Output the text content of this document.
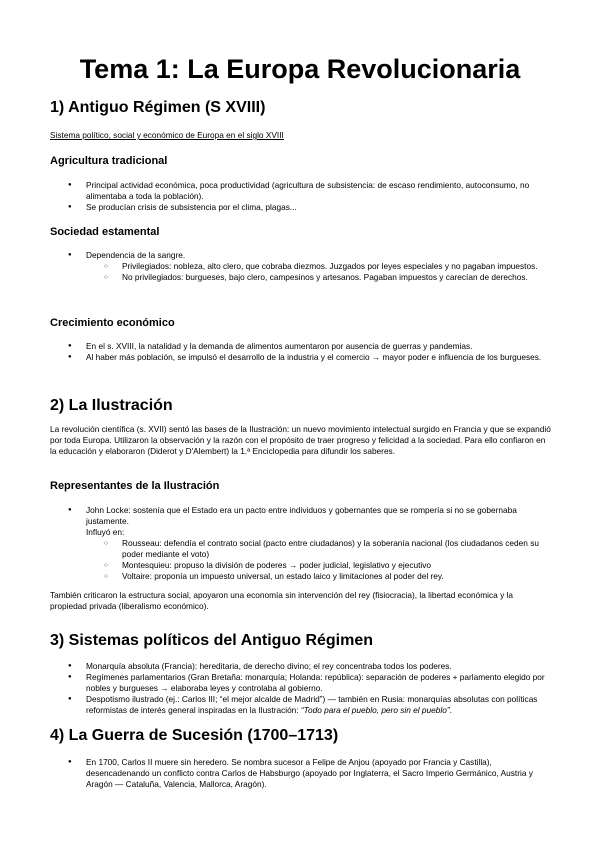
Tema 1: La Europa Revolucionaria
1) Antiguo Régimen (S XVIII)

Sistema político, social y económico de Europa en el siglo XVIII

Agricultura tradicional
● Principal actividad económica, poca productividad (agricultura de subsistencia: de escaso rendimiento, autoconsumo, no alimentaba a toda la población).
● Se producían crisis de subsistencia por el clima, plagas...
Sociedad estamental
● Dependencia de la sangre.
○ Privilegiados: nobleza, alto clero, que cobraba diezmos. Juzgados por leyes especiales y no pagaban impuestos.
○ No privilegiados: burgueses, bajo clero, campesinos y artesanos. Pagaban impuestos y carecían de derechos.
Crecimiento económico
● En el s. XVIII, la natalidad y la demanda de alimentos aumentaron por ausencia de guerras y pandemias.
● Al haber más población, se impulsó el desarrollo de la industria y el comercio → mayor poder e influencia de los burgueses.
2) La Ilustración

La revolución científica (s. XVII) sentó las bases de la Ilustración: un nuevo movimiento intelectual surgido en Francia y que se expandió por toda Europa. Utilizaron la observación y la razón con el propósito de traer progreso y felicidad a la sociedad. Para ello confiaron en la educación y elaboraron (Diderot y D'Alembert) la 1.ª Enciclopedia para difundir los saberes.

Representantes de la Ilustración
● John Locke: sostenía que el Estado era un pacto entre individuos y gobernantes que se rompería si no se gobernaba justamente.
Influyó en:
○ Rousseau: defendía el contrato social (pacto entre ciudadanos) y la soberanía nacional (los ciudadanos ceden su poder mediante el voto)
○ Montesquieu: propuso la división de poderes → poder judicial, legislativo y ejecutivo
○ Voltaire: proponía un impuesto universal, un estado laico y limitaciones al poder del rey.

También criticaron la estructura social, apoyaron una economía sin intervención del rey (fisiocracia), la libertad económica y la propiedad privada (liberalismo económico).

3) Sistemas políticos del Antiguo Régimen
● Monarquía absoluta (Francia): hereditaria, de derecho divino; el rey concentraba todos los poderes.
● Regímenes parlamentarios (Gran Bretaña: monarquía; Holanda: república): separación de poderes + parlamento elegido por nobles y burgueses → elaboraba leyes y controlaba al gobierno.
● Despotismo ilustrado (ej.: Carlos III; “el mejor alcalde de Madrid”) — también en Rusia: monarquías absolutas con políticas reformistas de interés general inspiradas en la Ilustración: “Todo para el pueblo, pero sin el pueblo”.
4) La Guerra de Sucesión (1700–1713)
● En 1700, Carlos II muere sin heredero. Se nombra sucesor a Felipe de Anjou (apoyado por Francia y Castilla), desencadenando un conflicto contra Carlos de Habsburgo (apoyado por Inglaterra, el Sacro Imperio Germánico, Austria y Aragón — Cataluña, Valencia, Mallorca, Aragón).
